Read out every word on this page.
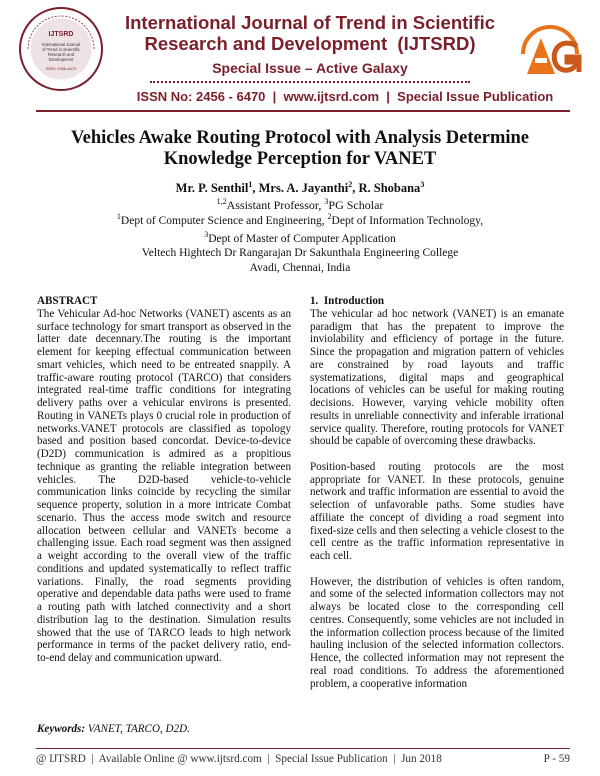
IJTSRD
International Journal
of Trend in Scientific
Research and
Development
ISSN: 2456-6470
International Journal of Trend in Scientific
Research and Development  (IJTSRD)
Special Issue – Active Galaxy
ISSN No: 2456 - 6470  |  www.ijtsrd.com  |  Special Issue Publication
Vehicles Awake Routing Protocol with Analysis Determine
Knowledge Perception for VANET
Mr. P. Senthil$^1$, Mrs. A. Jayanthi$^2$, R. Shobana$^3$
$^{1,2}$Assistant Professor, $^3$PG Scholar
$^1$Dept of Computer Science and Engineering, $^2$Dept of Information Technology,
$^3$Dept of Master of Computer Application
Veltech Hightech Dr Rangarajan Dr Sakunthala Engineering College
Avadi, Chennai, India
ABSTRACT

The Vehicular Ad-hoc Networks (VANET) ascents as an surface technology for smart transport as observed in the latter date decennary.The routing is the important element for keeping effectual communication between smart vehicles, which need to be entreated snappily. A traffic-aware routing protocol (TARCO) that considers integrated real-time traffic conditions for integrating delivery paths over a vehicular environs is presented. Routing in VANETs plays 0 crucial role in production of networks.VANET protocols are classified as topology based and position based concordat. Device-to-device (D2D) communication is admired as a propitious technique as granting the reliable integration between vehicles. The D2D-based vehicle-to-vehicle communication links coincide by recycling the similar sequence property, solution in a more intricate Combat scenario. Thus the access mode switch and resource allocation between cellular and VANETs become a challenging issue. Each road segment was then assigned a weight according to the overall view of the traffic conditions and updated systematically to reflect traffic variations. Finally, the road segments providing operative and dependable data paths were used to frame a routing path with latched connectivity and a short distribution lag to the destination. Simulation results showed that the use of TARCO leads to high network performance in terms of the packet delivery ratio, end-to-end delay and communication upward.

Keywords: VANET, TARCO, D2D.
1.  Introduction

The vehicular ad hoc network (VANET) is an emanate paradigm that has the prepatent to improve the inviolability and efficiency of portage in the future. Since the propagation and migration pattern of vehicles are constrained by road layouts and traffic systematizations, digital maps and geographical locations of vehicles can be useful for making routing decisions. However, varying vehicle mobility often results in unreliable connectivity and inferable irrational service quality. Therefore, routing protocols for VANET should be capable of overcoming these drawbacks.

Position-based routing protocols are the most appropriate for VANET. In these protocols, genuine network and traffic information are essential to avoid the selection of unfavorable paths. Some studies have affiliate the concept of dividing a road segment into fixed-size cells and then selecting a vehicle closest to the cell centre as the traffic information representative in each cell.

However, the distribution of vehicles is often random, and some of the selected information collectors may not always be located close to the corresponding cell centres. Consequently, some vehicles are not included in the information collection process because of the limited hauling inclusion of the selected information collectors. Hence, the collected information may not represent the real road conditions. To address the aforementioned problem, a cooperative information

@ IJTSRD  |  Available Online @ www.ijtsrd.com  |  Special Issue Publication  |  Jun 2018	P - 59
